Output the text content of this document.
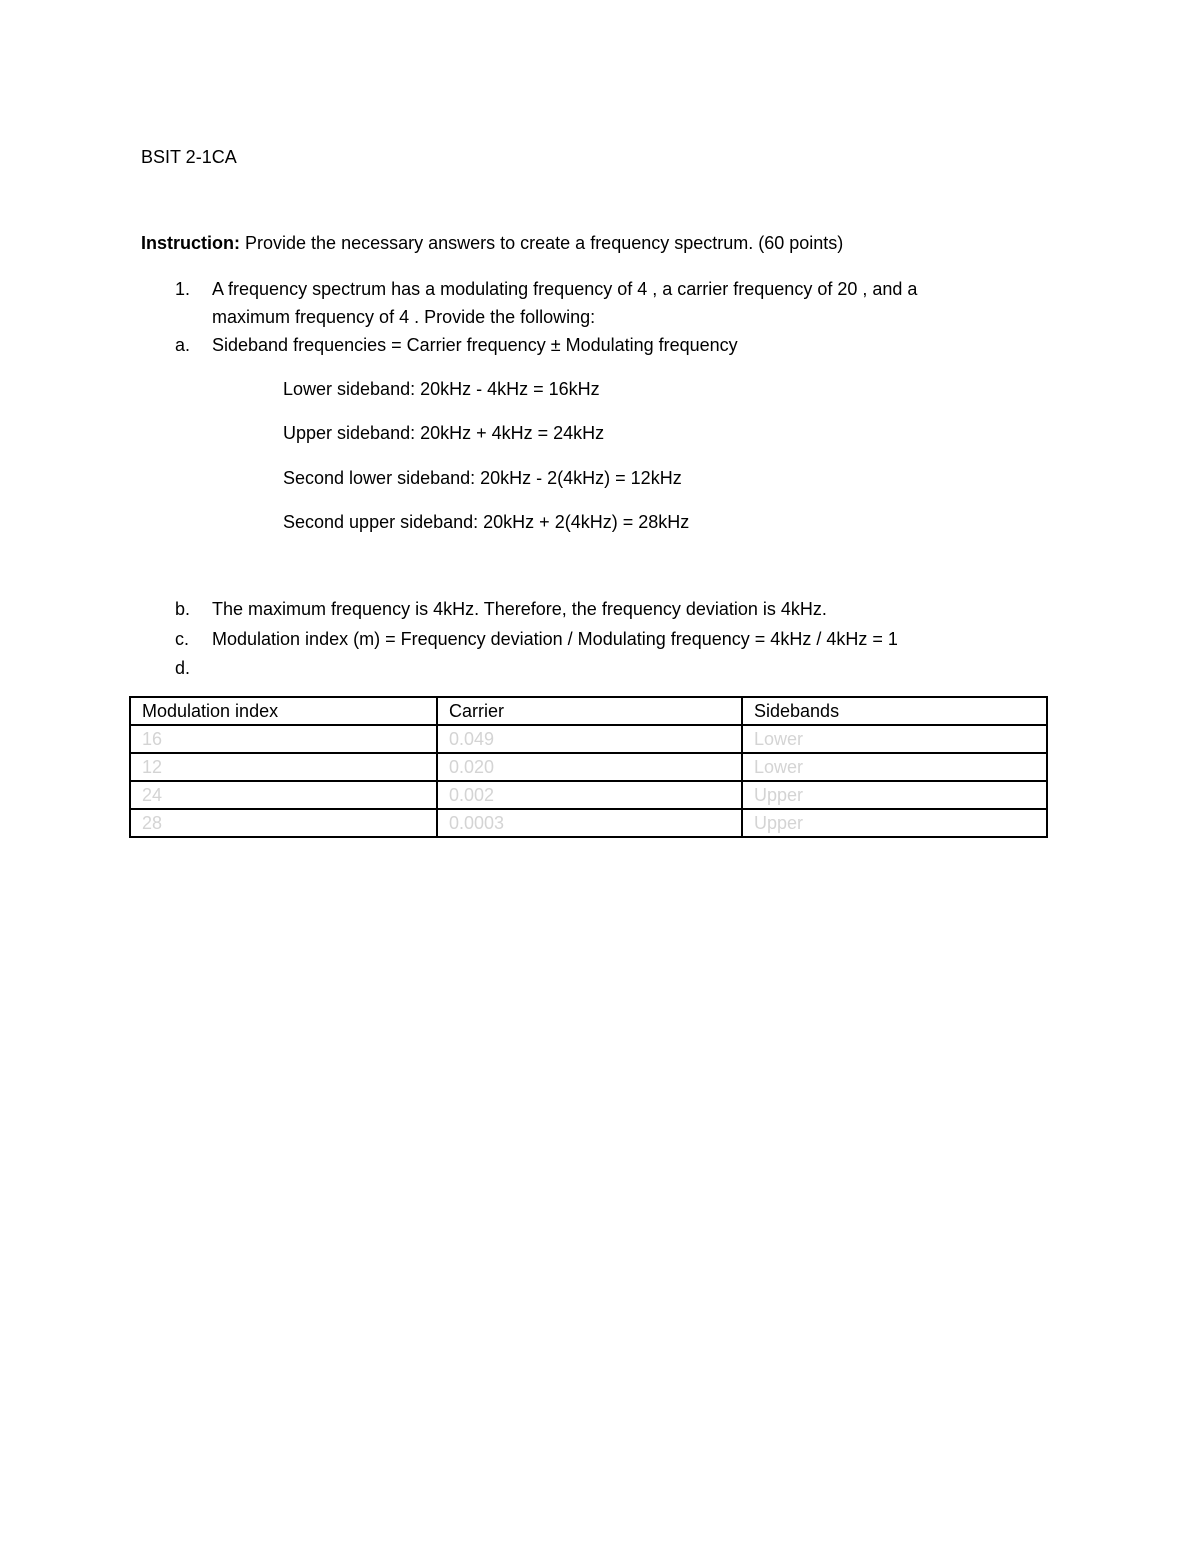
BSIT 2-1CA
Instruction: Provide the necessary answers to create a frequency spectrum. (60 points)
1. A frequency spectrum has a modulating frequency of 4 , a carrier frequency of 20 , and a
maximum frequency of 4 . Provide the following:
a. Sideband frequencies = Carrier frequency ± Modulating frequency
Lower sideband: 20kHz - 4kHz = 16kHz
Upper sideband: 20kHz + 4kHz = 24kHz
Second lower sideband: 20kHz - 2(4kHz) = 12kHz
Second upper sideband: 20kHz + 2(4kHz) = 28kHz
b. The maximum frequency is 4kHz. Therefore, the frequency deviation is 4kHz.
c. Modulation index (m) = Frequency deviation / Modulating frequency = 4kHz / 4kHz = 1
d.
Modulation index	Carrier	Sidebands
16	0.049	Lower
12	0.020	Lower
24	0.002	Upper
28	0.0003	Upper
